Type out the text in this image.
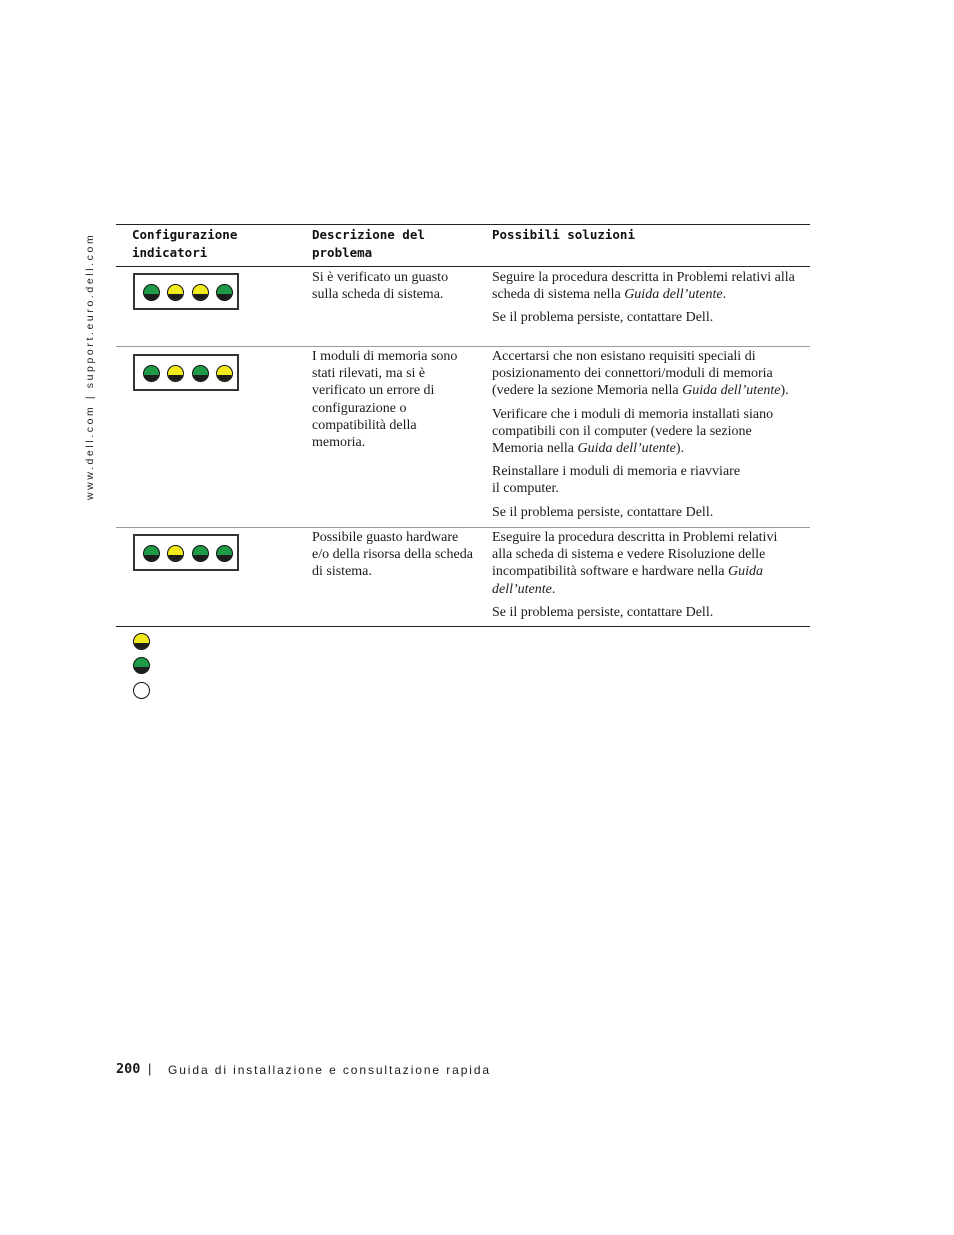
www.dell.com | support.euro.dell.com	Configurazione
indicatori
Descrizione del
problema
Possibili soluzioni
Si è verificato un guasto
sulla scheda di sistema.

Seguire la procedura descritta in Problemi relativi alla
scheda di sistema nella Guida dell’utente.

Se il problema persiste, contattare Dell.

I moduli di memoria sono
stati rilevati, ma si è
verificato un errore di
configurazione o
compatibilità della
memoria.

Accertarsi che non esistano requisiti speciali di
posizionamento dei connettori/moduli di memoria
(vedere la sezione Memoria nella Guida dell’utente).

Verificare che i moduli di memoria installati siano
compatibili con il computer (vedere la sezione
Memoria nella Guida dell’utente).

Reinstallare i moduli di memoria e riavviare
il computer.

Se il problema persiste, contattare Dell.

Possibile guasto hardware
e/o della risorsa della scheda
di sistema.

Eseguire la procedura descritta in Problemi relativi
alla scheda di sistema e vedere Risoluzione delle
incompatibilità software e hardware nella Guida
dell’utente.

Se il problema persiste, contattare Dell.

200 | Guida di installazione e consultazione rapida
